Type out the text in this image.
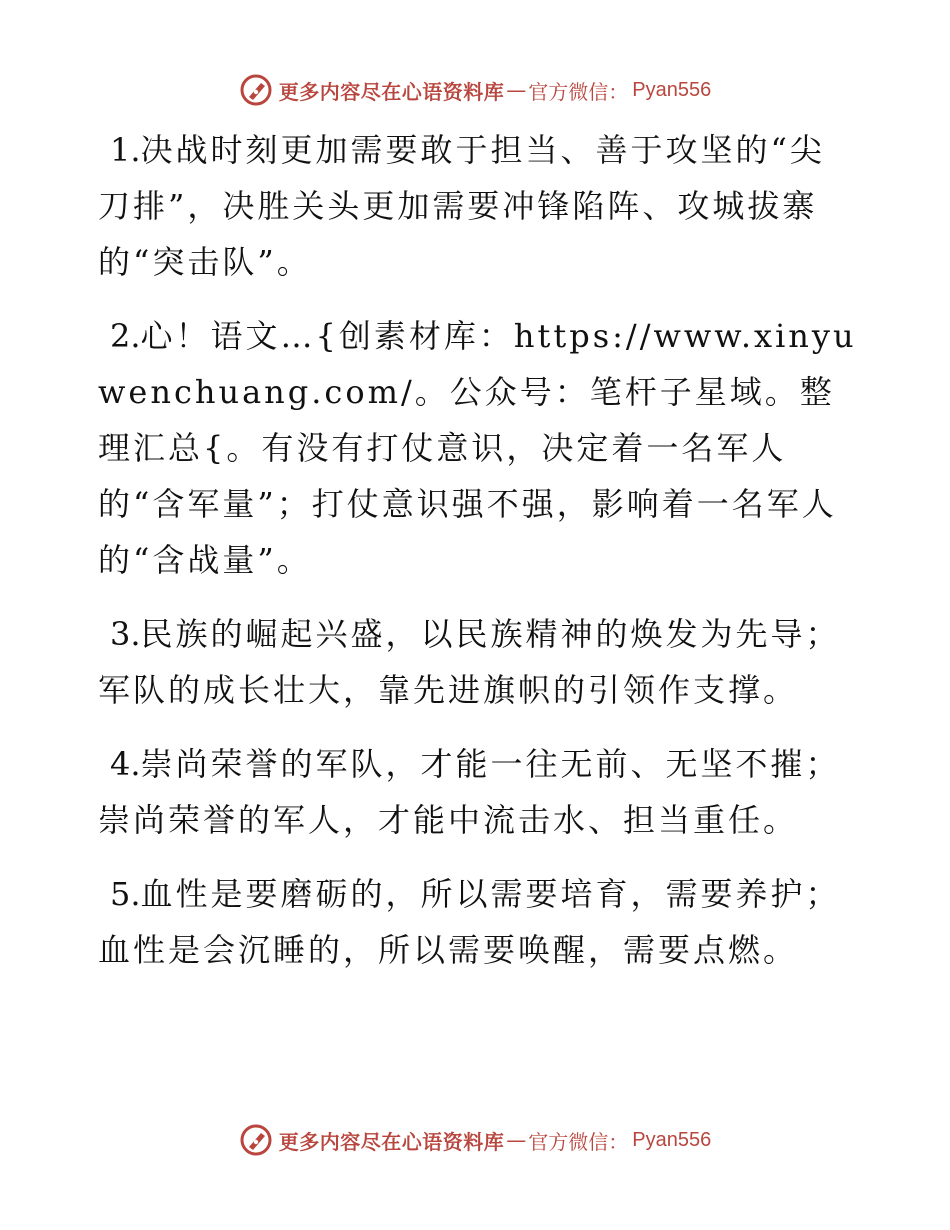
更多内容尽在心语资料库 — 官方微信： Pyan556

1.决战时刻更加需要敢于担当、善于攻坚的“尖刀排”，决胜关头更加需要冲锋陷阵、攻城拔寨的“突击队”。

2.心！语文…{创素材库：https://www.xinyuwenchuang.com/。公众号：笔杆子星域。整理汇总{。有没有打仗意识，决定着一名军人的“含军量”；打仗意识强不强，影响着一名军人的“含战量”。

3.民族的崛起兴盛，以民族精神的焕发为先导；军队的成长壮大，靠先进旗帜的引领作支撑。

4.崇尚荣誉的军队，才能一往无前、无坚不摧；崇尚荣誉的军人，才能中流击水、担当重任。

5.血性是要磨砺的，所以需要培育，需要养护；血性是会沉睡的，所以需要唤醒，需要点燃。

更多内容尽在心语资料库 — 官方微信： Pyan556
